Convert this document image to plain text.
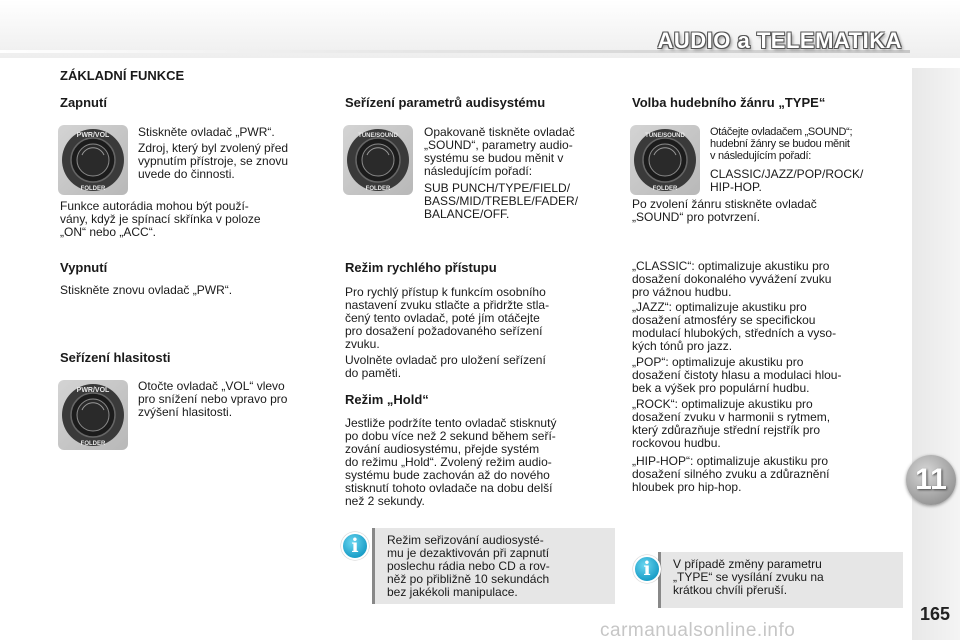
AUDIO a TELEMATIKA
11
165
carmanualsonline.info
ZÁKLADNÍ FUNKCE
Zapnutí
PWR/VOL
FOLDER
Stiskněte ovladač „PWR“.
Zdroj, který byl zvolený před
vypnutím přístroje, se znovu
uvede do činnosti.
Funkce autorádia mohou být použí-
vány, když je spínací skřínka v poloze
„ON“ nebo „ACC“.
Vypnutí
Stiskněte znovu ovladač „PWR“.
Seřízení hlasitosti
PWR/VOL
FOLDER
Otočte ovladač „VOL“ vlevo
pro snížení nebo vpravo pro
zvýšení hlasitosti.
Seřízení parametrů audisystému
TUNE/SOUND
FOLDER
Opakovaně tiskněte ovladač
„SOUND“, parametry audio-
systému se budou měnit v
následujícím pořadí:
SUB PUNCH/TYPE/FIELD/
BASS/MID/TREBLE/FADER/
BALANCE/OFF.
Režim rychlého přístupu
Pro rychlý přístup k funkcím osobního
nastavení zvuku stlačte a přidržte stla-
čený tento ovladač, poté jím otáčejte
pro dosažení požadovaného seřízení
zvuku.
Uvolněte ovladač pro uložení seřízení
do paměti.
Režim „Hold“
Jestliže podržíte tento ovladač stisknutý
po dobu více než 2 sekund během seří-
zování audiosystému, přejde systém
do režimu „Hold“. Zvolený režim audio-
systému bude zachován až do nového
stisknutí tohoto ovladače na dobu delší
než 2 sekundy.
Režim seřizování audiosysté-
mu je dezaktivován při zapnutí
poslechu rádia nebo CD a rov-
něž po přibližně 10 sekundách
bez jakékoli manipulace.
i
Volba hudebního žánru „TYPE“
TUNE/SOUND
FOLDER
Otáčejte ovladačem „SOUND“;
hudební žánry se budou měnit
v následujícím pořadí:
CLASSIC/JAZZ/POP/ROCK/
HIP-HOP.
Po zvolení žánru stiskněte ovladač
„SOUND“ pro potvrzení.
„CLASSIC“: optimalizuje akustiku pro
dosažení dokonalého vyvážení zvuku
pro vážnou hudbu.
„JAZZ“: optimalizuje akustiku pro
dosažení atmosféry se specifickou
modulací hlubokých, středních a vyso-
kých tónů pro jazz.
„POP“: optimalizuje akustiku pro
dosažení čistoty hlasu a modulaci hlou-
bek a výšek pro populární hudbu.
„ROCK“: optimalizuje akustiku pro
dosažení zvuku v harmonii s rytmem,
který zdůrazňuje střední rejstřík pro
rockovou hudbu.
„HIP-HOP“: optimalizuje akustiku pro
dosažení silného zvuku a zdůraznění
hloubek pro hip-hop.
V případě změny parametru
„TYPE“ se vysílání zvuku na
krátkou chvíli přeruší.
i
